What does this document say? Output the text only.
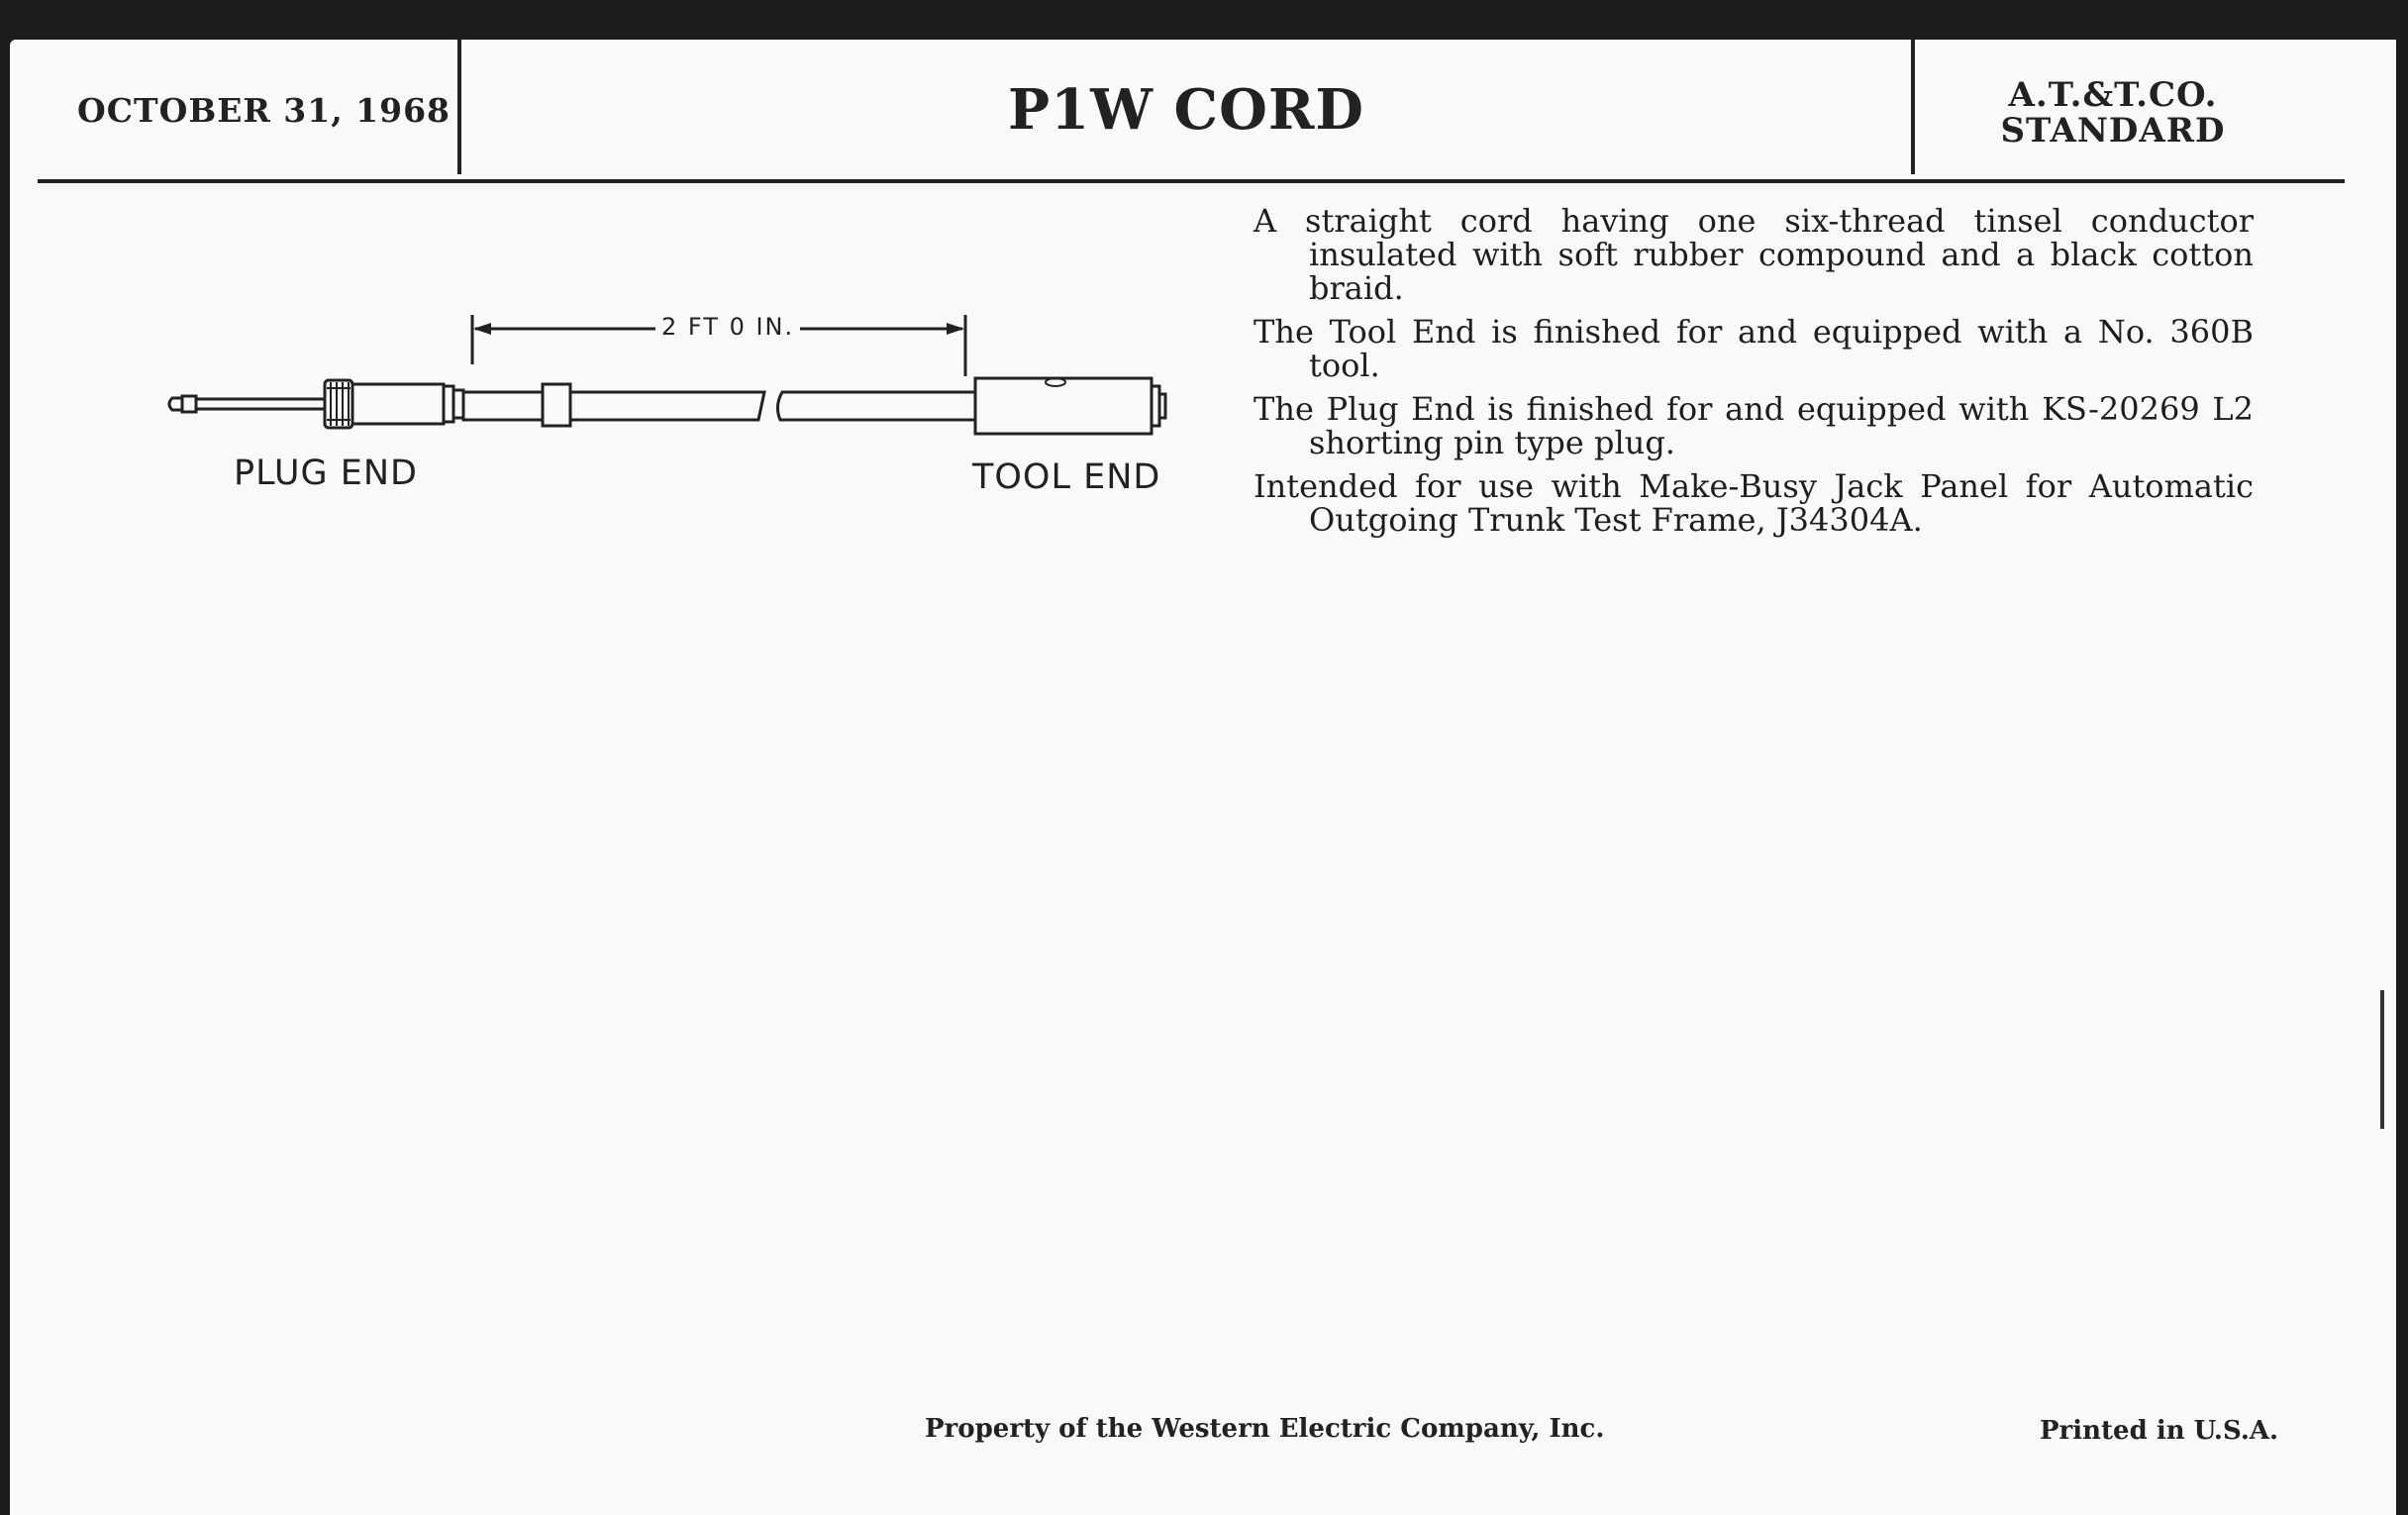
OCTOBER 31, 1968	P1W CORD	A.T.&T.CO.
STANDARD
2 FT 0 IN.
PLUG END	TOOL END

A straight cord having one six-thread tinsel conductor insulated with soft rubber compound and a black cotton braid.

The Tool End is finished for and equipped with a No. 360B tool.

The Plug End is finished for and equipped with KS-20269 L2 shorting pin type plug.

Intended for use with Make-Busy Jack Panel for Automatic Outgoing Trunk Test Frame, J34304A.

Property of the Western Electric Company, Inc.	Printed in U.S.A.
